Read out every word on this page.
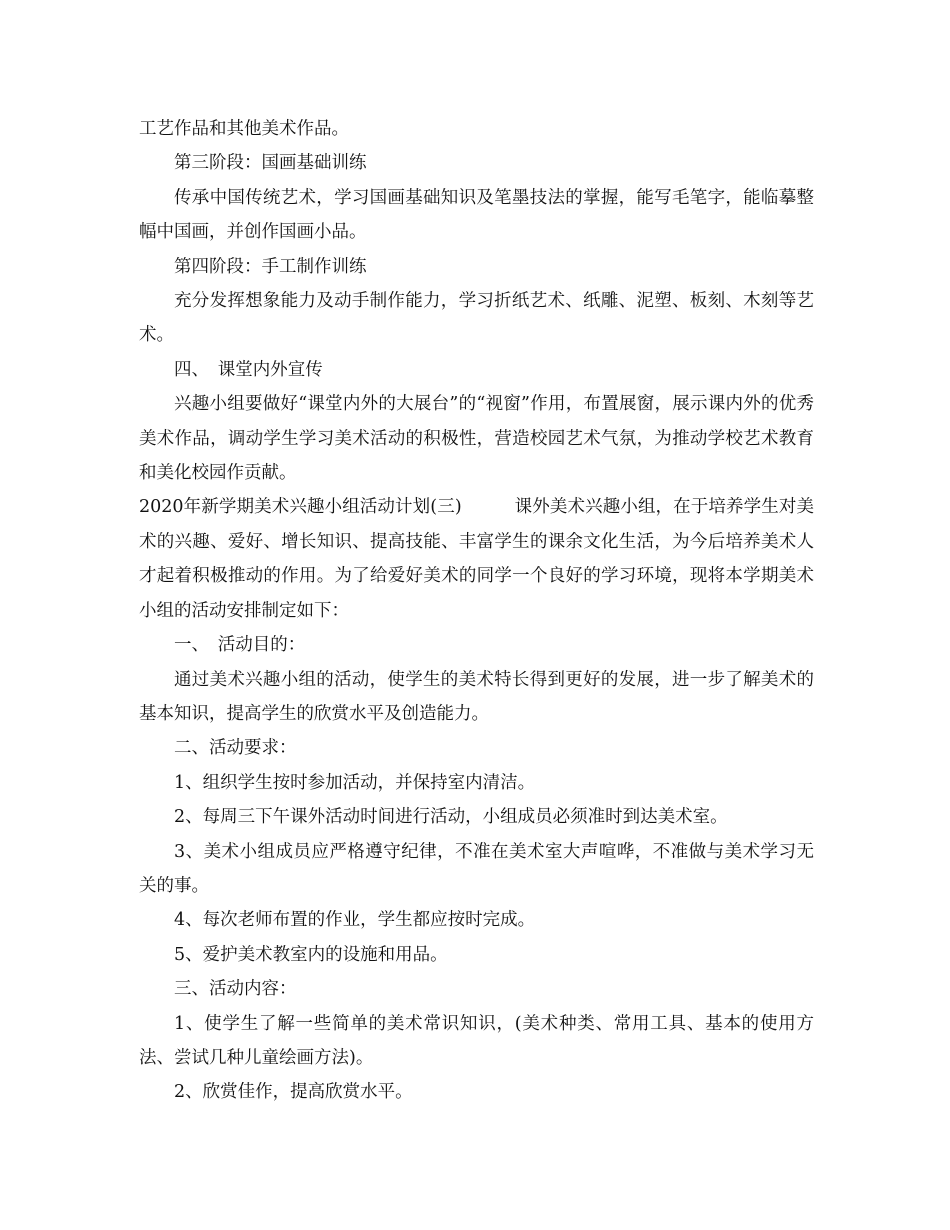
工艺作品和其他美术作品。

第三阶段：国画基础训练

传承中国传统艺术，学习国画基础知识及笔墨技法的掌握，能写毛笔字，能临摹整幅中国画，并创作国画小品。

第四阶段：手工制作训练

充分发挥想象能力及动手制作能力，学习折纸艺术、纸雕、泥塑、板刻、木刻等艺术。

四、　课堂内外宣传

兴趣小组要做好“课堂内外的大展台”的“视窗”作用，布置展窗，展示课内外的优秀美术作品，调动学生学习美术活动的积极性，营造校园艺术气氛，为推动学校艺术教育和美化校园作贡献。

2020年新学期美术兴趣小组活动计划(三)　　　课外美术兴趣小组，在于培养学生对美术的兴趣、爱好、增长知识、提高技能、丰富学生的课余文化生活，为今后培养美术人才起着积极推动的作用。为了给爱好美术的同学一个良好的学习环境，现将本学期美术小组的活动安排制定如下：

一、　活动目的：

通过美术兴趣小组的活动，使学生的美术特长得到更好的发展，进一步了解美术的基本知识，提高学生的欣赏水平及创造能力。

二、活动要求：

1、组织学生按时参加活动，并保持室内清洁。

2、每周三下午课外活动时间进行活动，小组成员必须准时到达美术室。

3、美术小组成员应严格遵守纪律，不准在美术室大声喧哗，不准做与美术学习无关的事。

4、每次老师布置的作业，学生都应按时完成。

5、爱护美术教室内的设施和用品。

三、活动内容：

1、使学生了解一些简单的美术常识知识，(美术种类、常用工具、基本的使用方法、尝试几种儿童绘画方法)。

2、欣赏佳作，提高欣赏水平。
